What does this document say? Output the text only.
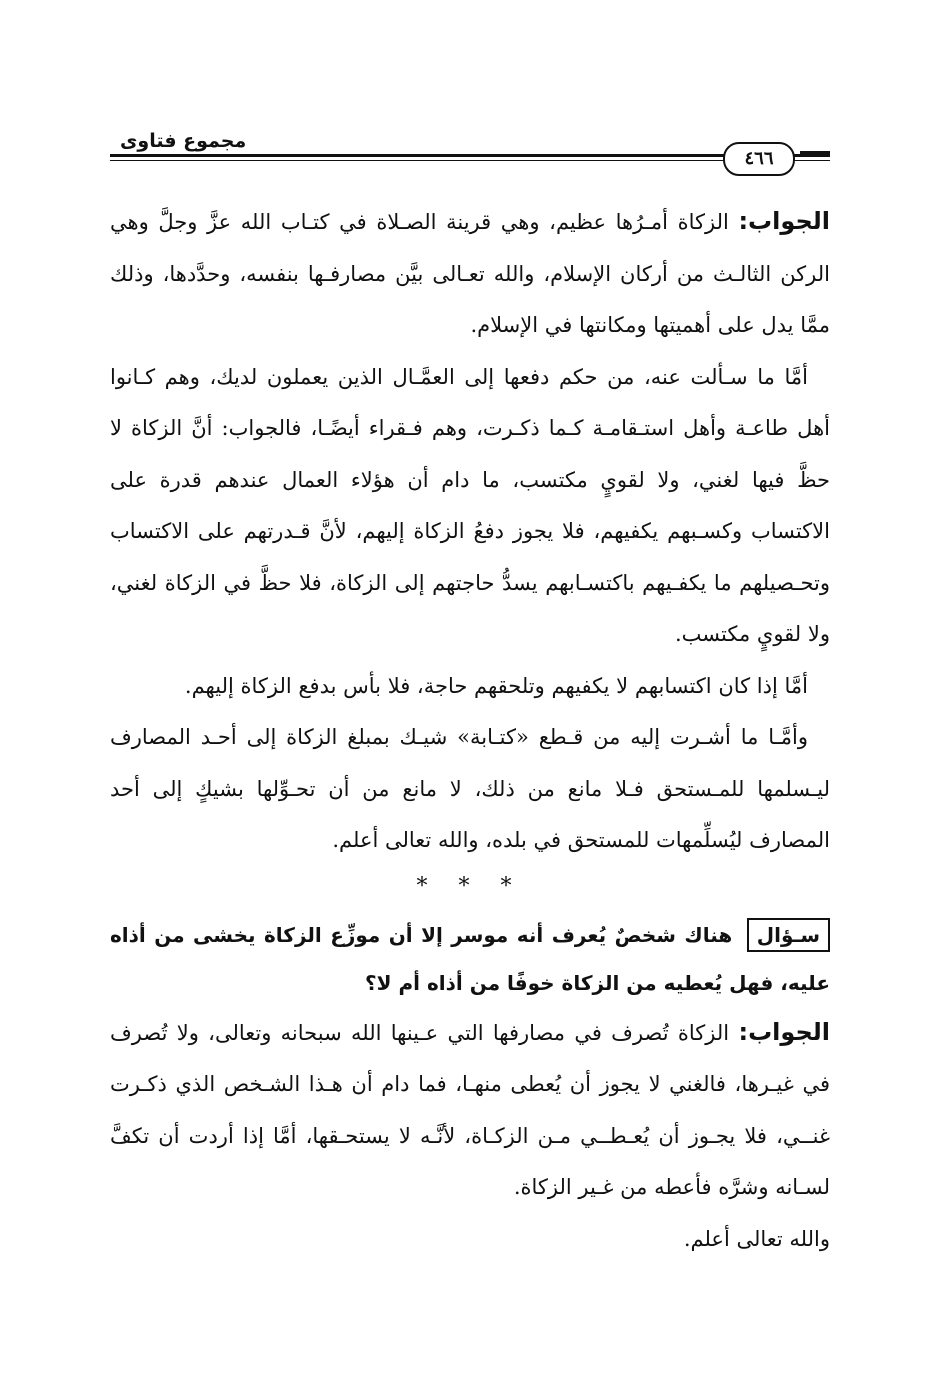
مجموع فتاوى
٤٦٦

الجواب: الزكاة أمـرُها عظيم، وهي قرينة الصـلاة في كتـاب الله عزَّ وجلَّ وهي الركن الثالـث من أركان الإسلام، والله تعـالى بيَّن مصارفـها بنفسه، وحدَّدها، وذلك ممَّا يدل على أهميتها ومكانتها في الإسلام.

أمَّا ما سـألت عنه، من حكم دفعها إلى العمَّـال الذين يعملون لديك، وهم كـانوا أهل طاعـة وأهل استـقامـة كـما ذكـرت، وهم فـقراء أيضًـا، فالجواب: أنَّ الزكاة لا حظَّ فيها لغني، ولا لقويٍ مكتسب، ما دام أن هؤلاء العمال عندهم قدرة على الاكتساب وكسـبهم يكفيهم، فلا يجوز دفعُ الزكاة إليهم، لأنَّ قـدرتهم على الاكتساب وتحـصيلهم ما يكفـيهم باكتسـابهم يسدُّ حاجتهم إلى الزكاة، فلا حظَّ في الزكاة لغني، ولا لقويٍ مكتسب.

أمَّا إذا كان اكتسابهم لا يكفيهم وتلحقهم حاجة، فلا بأس بدفع الزكاة إليهم.

وأمَّـا ما أشـرت إليه من قـطع «كتـابة» شيـك بمبلغ الزكاة إلى أحـد المصارف ليـسلمها للمـستحق فـلا مانع من ذلك، لا مانع من أن تحـوِّلها بشيكٍ إلى أحد المصارف ليُسلِّمهات للمستحق في بلده، والله تعالى أعلم.

* * *

سـؤال هناك شخصٌ يُعرف أنه موسر إلا أن موزِّع الزكاة يخشى من أذاه عليه، فهل يُعطيه من الزكاة خوفًا من أذاه أم لا؟

الجواب: الزكاة تُصرف في مصارفها التي عـينها الله سبحانه وتعالى، ولا تُصرف في غيـرها، فالغني لا يجوز أن يُعطى منهـا، فما دام أن هـذا الشـخص الذي ذكـرت غنــي، فلا يجـوز أن يُعـطــي مـن الزكـاة، لأنَّـه لا يستحـقها، أمَّا إذا أردت أن تكفَّ لسـانه وشرَّه فأعطه من غـير الزكاة.

والله تعالى أعلم.
